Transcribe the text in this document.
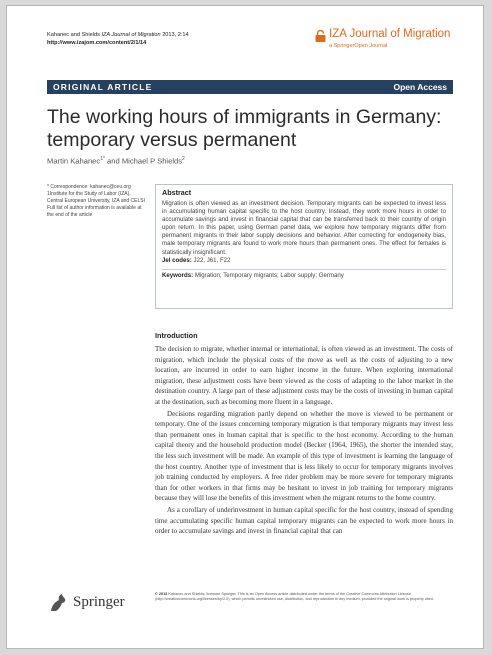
Kahanec and Shields IZA Journal of Migration 2013, 2:14
http://www.izajom.com/content/2/1/14
IZA Journal of Migration
a SpringerOpen Journal
ORIGINAL ARTICLE	Open Access
The working hours of immigrants in Germany:
temporary versus permanent
Martin Kahanec$^{1*}$ and Michael P Shields$^2$

* Correspondence: kahanec@ceu.org

1Institute for the Study of Labor (IZA), Central European University, IZA and CELSI

Full list of author information is available at the end of the article

Abstract

Migration is often viewed as an investment decision. Temporary migrants can be expected to invest less in accumulating human capital specific to the host country. Instead, they work more hours in order to accumulate savings and invest in financial capital that can be transferred back to their country of origin upon return. In this paper, using German panel data, we explore how temporary migrants differ from permanent migrants in their labor supply decisions and behavior. After correcting for endogeneity bias, male temporary migrants are found to work more hours than permanent ones. The effect for females is statistically insignificant.

Jel codes: J22, J61, F22

Keywords: Migration; Temporary migrants; Labor supply; Germany
Introduction

The decision to migrate, whether internal or international, is often viewed as an investment. The costs of migration, which include the physical costs of the move as well as the costs of adjusting to a new location, are incurred in order to earn higher income in the future. When exploring international migration, these adjustment costs have been viewed as the costs of adapting to the labor market in the destination country. A large part of these adjustment costs may be the costs of investing in human capital at the destination, such as becoming more fluent in a language.

Decisions regarding migration partly depend on whether the move is viewed to be permanent or temporary. One of the issues concerning temporary migration is that temporary migrants may invest less than permanent ones in human capital that is specific to the host economy. According to the human capital theory and the household production model (Becker (1964, 1965), the shorter the intended stay, the less such investment will be made. An example of this type of investment is learning the language of the host country. Another type of investment that is less likely to occur for temporary migrants involves job training conducted by employers. A free rider problem may be more severe for temporary migrants than for other workers in that firms may be hesitant to invest in job training for temporary migrants because they will lose the benefits of this investment when the migrant returns to the home country.

As a corollary of underinvestment in human capital specific for the host country, instead of spending time accumulating specific human capital temporary migrants can be expected to work more hours in order to accumulate savings and invest in financial capital that can

Springer	© 2013 Kahanec and Shields; licensee Springer. This is an Open Access article distributed under the terms of the Creative Commons Attribution License (http://creativecommons.org/licenses/by/2.0), which permits unrestricted use, distribution, and reproduction in any medium, provided the original work is properly cited.
